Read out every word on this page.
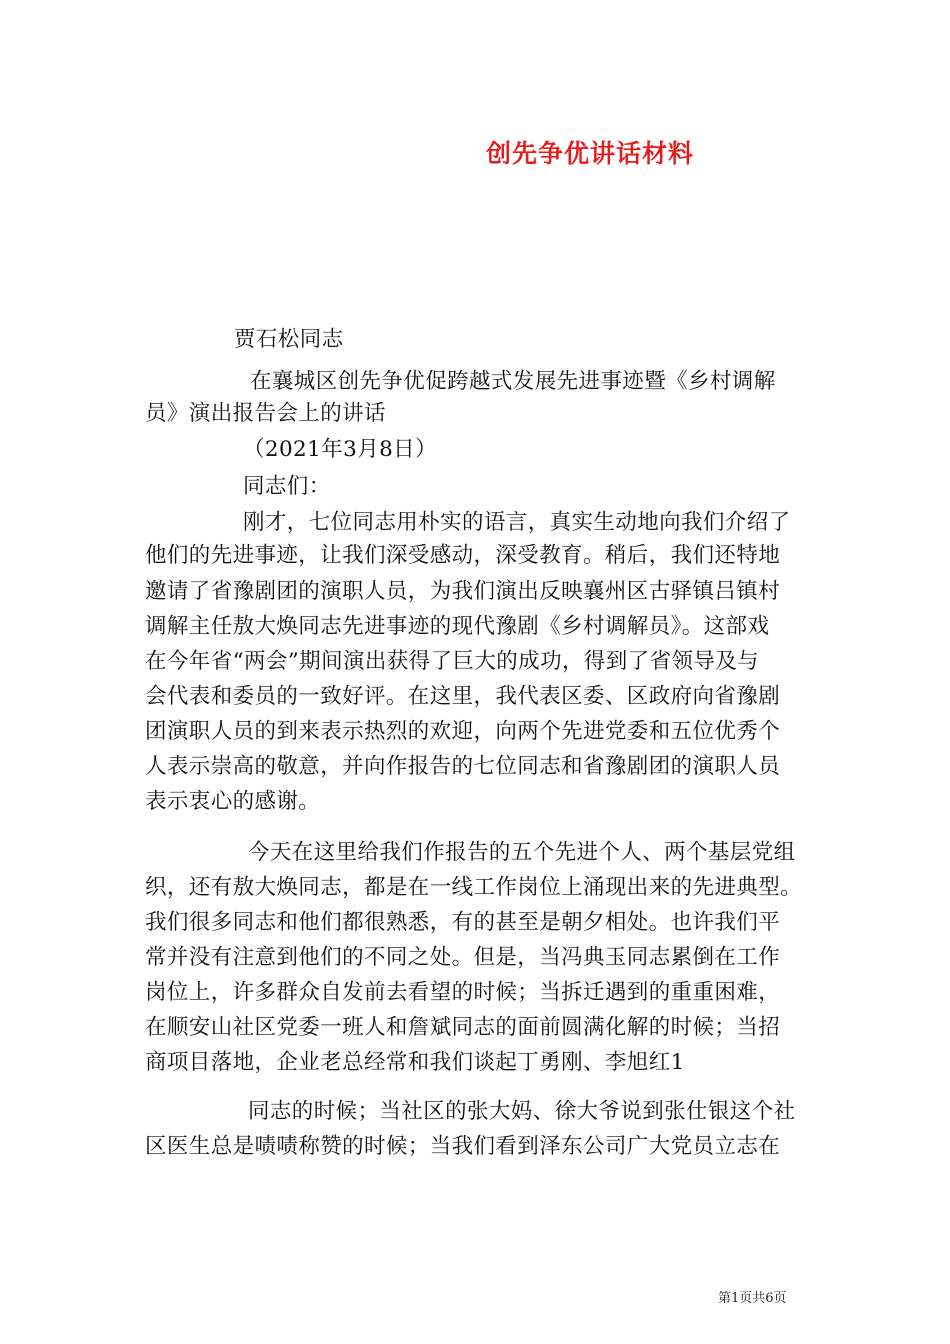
创先争优讲话材料
贾石松同志
在襄城区创先争优促跨越式发展先进事迹暨《乡村调解
员》演出报告会上的讲话
（2021年3月8日）
同志们：
刚才，七位同志用朴实的语言，真实生动地向我们介绍了
他们的先进事迹，让我们深受感动，深受教育。稍后，我们还特地
邀请了省豫剧团的演职人员，为我们演出反映襄州区古驿镇吕镇村
调解主任敖大焕同志先进事迹的现代豫剧《乡村调解员》。这部戏
在今年省“两会”期间演出获得了巨大的成功，得到了省领导及与
会代表和委员的一致好评。在这里，我代表区委、区政府向省豫剧
团演职人员的到来表示热烈的欢迎，向两个先进党委和五位优秀个
人表示崇高的敬意，并向作报告的七位同志和省豫剧团的演职人员
表示衷心的感谢。
今天在这里给我们作报告的五个先进个人、两个基层党组
织，还有敖大焕同志，都是在一线工作岗位上涌现出来的先进典型。
我们很多同志和他们都很熟悉，有的甚至是朝夕相处。也许我们平
常并没有注意到他们的不同之处。但是，当冯典玉同志累倒在工作
岗位上，许多群众自发前去看望的时候；当拆迁遇到的重重困难，
在顺安山社区党委一班人和詹斌同志的面前圆满化解的时候；当招
商项目落地，企业老总经常和我们谈起丁勇刚、李旭红1
同志的时候；当社区的张大妈、徐大爷说到张仕银这个社
区医生总是啧啧称赞的时候；当我们看到泽东公司广大党员立志在
第1页共6页
